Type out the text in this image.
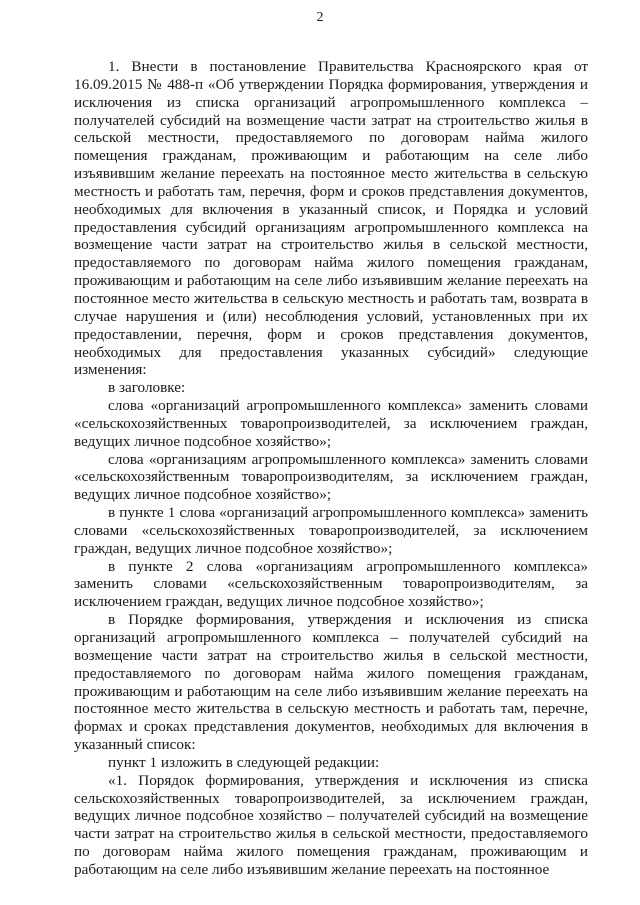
2

1. Внести в постановление Правительства Красноярского края от 16.09.2015 № 488-п «Об утверждении Порядка формирования, утверждения и исключения из списка организаций агропромышленного комплекса – получателей субсидий на возмещение части затрат на строительство жилья в сельской местности, предоставляемого по договорам найма жилого помещения гражданам, проживающим и работающим на селе либо изъявившим желание переехать на постоянное место жительства в сельскую местность и работать там, перечня, форм и сроков представления документов, необходимых для включения в указанный список, и Порядка и условий предоставления субсидий организациям агропромышленного комплекса на возмещение части затрат на строительство жилья в сельской местности, предоставляемого по договорам найма жилого помещения гражданам, проживающим и работающим на селе либо изъявившим желание переехать на постоянное место жительства в сельскую местность и работать там, возврата в случае нарушения и (или) несоблюдения условий, установленных при их предоставлении, перечня, форм и сроков представления документов, необходимых для предоставления указанных субсидий» следующие изменения:

в заголовке:

слова «организаций агропромышленного комплекса» заменить словами «сельскохозяйственных товаропроизводителей, за исключением граждан, ведущих личное подсобное хозяйство»;

слова «организациям агропромышленного комплекса» заменить словами «сельскохозяйственным товаропроизводителям, за исключением граждан, ведущих личное подсобное хозяйство»;

в пункте 1 слова «организаций агропромышленного комплекса» заменить словами «сельскохозяйственных товаропроизводителей, за исключением граждан, ведущих личное подсобное хозяйство»;

в пункте 2 слова «организациям агропромышленного комплекса» заменить словами «сельскохозяйственным товаропроизводителям, за исключением граждан, ведущих личное подсобное хозяйство»;

в Порядке формирования, утверждения и исключения из списка организаций агропромышленного комплекса – получателей субсидий на возмещение части затрат на строительство жилья в сельской местности, предоставляемого по договорам найма жилого помещения гражданам, проживающим и работающим на селе либо изъявившим желание переехать на постоянное место жительства в сельскую местность и работать там, перечне, формах и сроках представления документов, необходимых для включения в указанный список:

пункт 1 изложить в следующей редакции:

«1. Порядок формирования, утверждения и исключения из списка сельскохозяйственных товаропроизводителей, за исключением граждан, ведущих личное подсобное хозяйство – получателей субсидий на возмещение части затрат на строительство жилья в сельской местности, предоставляемого по договорам найма жилого помещения гражданам, проживающим и работающим на селе либо изъявившим желание переехать на постоянное
